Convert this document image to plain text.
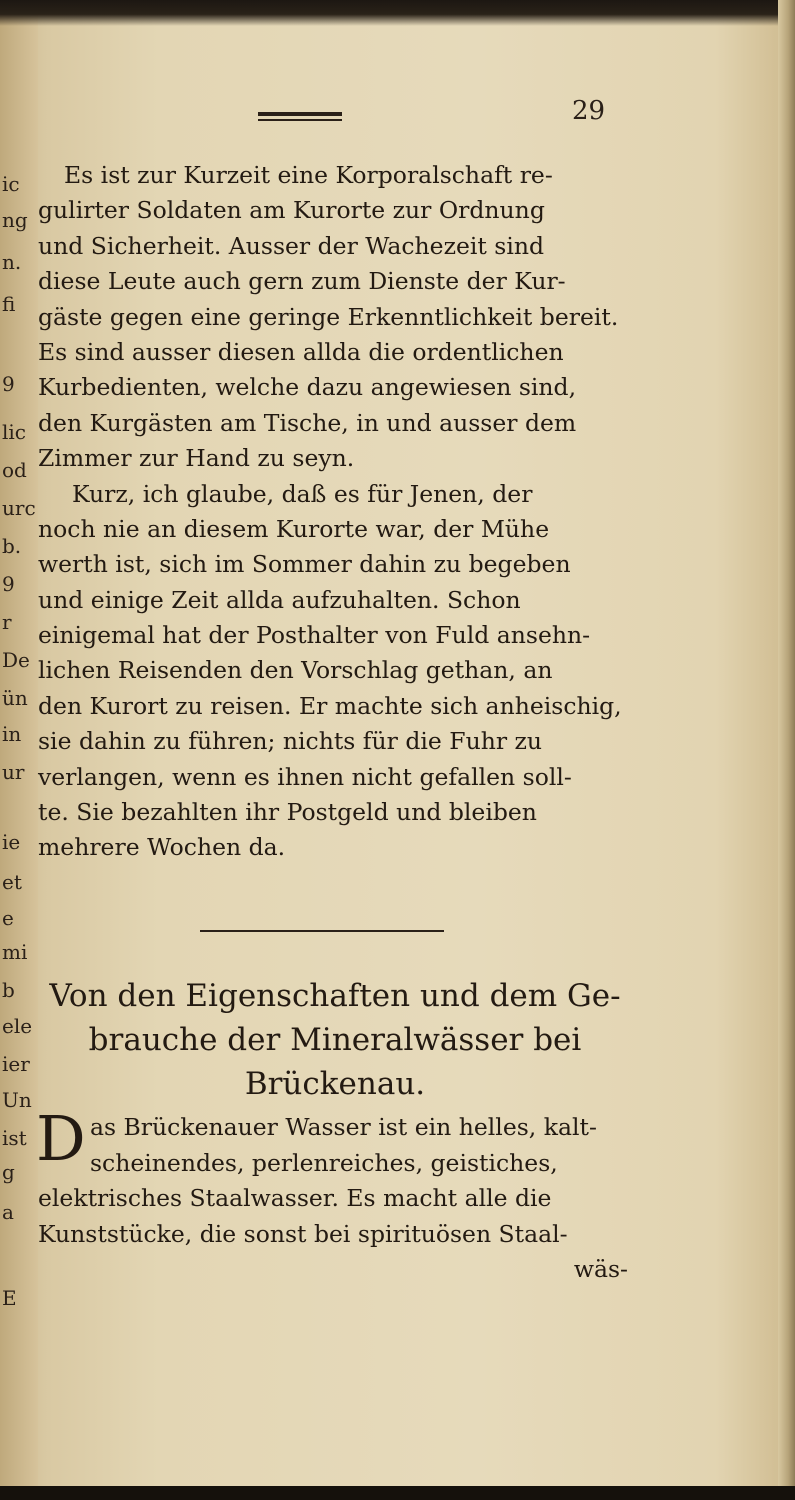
ic
ng
n.
fi
9
lic
od
urc
b.
9
r
De
ün
in
ur
ie
et
e
mi
b
ele
ier
Un
ist
g
a
E
29
Es ist zur Kurzeit eine Korporalschaft re-
gulirter Soldaten am Kurorte zur Ordnung
und Sicherheit. Ausser der Wachezeit sind
diese Leute auch gern zum Dienste der Kur-
gäste gegen eine geringe Erkenntlichkeit bereit.
Es sind ausser diesen allda die ordentlichen
Kurbedienten, welche dazu angewiesen sind,
den Kurgästen am Tische, in und ausser dem
Zimmer zur Hand zu seyn.
Kurz, ich glaube, daß es für Jenen, der
noch nie an diesem Kurorte war, der Mühe
werth ist, sich im Sommer dahin zu begeben
und einige Zeit allda aufzuhalten. Schon
einigemal hat der Posthalter von Fuld ansehn-
lichen Reisenden den Vorschlag gethan, an
den Kurort zu reisen. Er machte sich anheischig,
sie dahin zu führen; nichts für die Fuhr zu
verlangen, wenn es ihnen nicht gefallen soll-
te. Sie bezahlten ihr Postgeld und bleiben
mehrere Wochen da.
Von den Eigenschaften und dem Ge-
brauche der Mineralwässer bei
Brückenau.
D as Brückenauer Wasser ist ein helles, kalt-
scheinendes, perlenreiches, geistiches,
elektrisches Staalwasser. Es macht alle die
Kunststücke, die sonst bei spirituösen Staal-
wäs-
